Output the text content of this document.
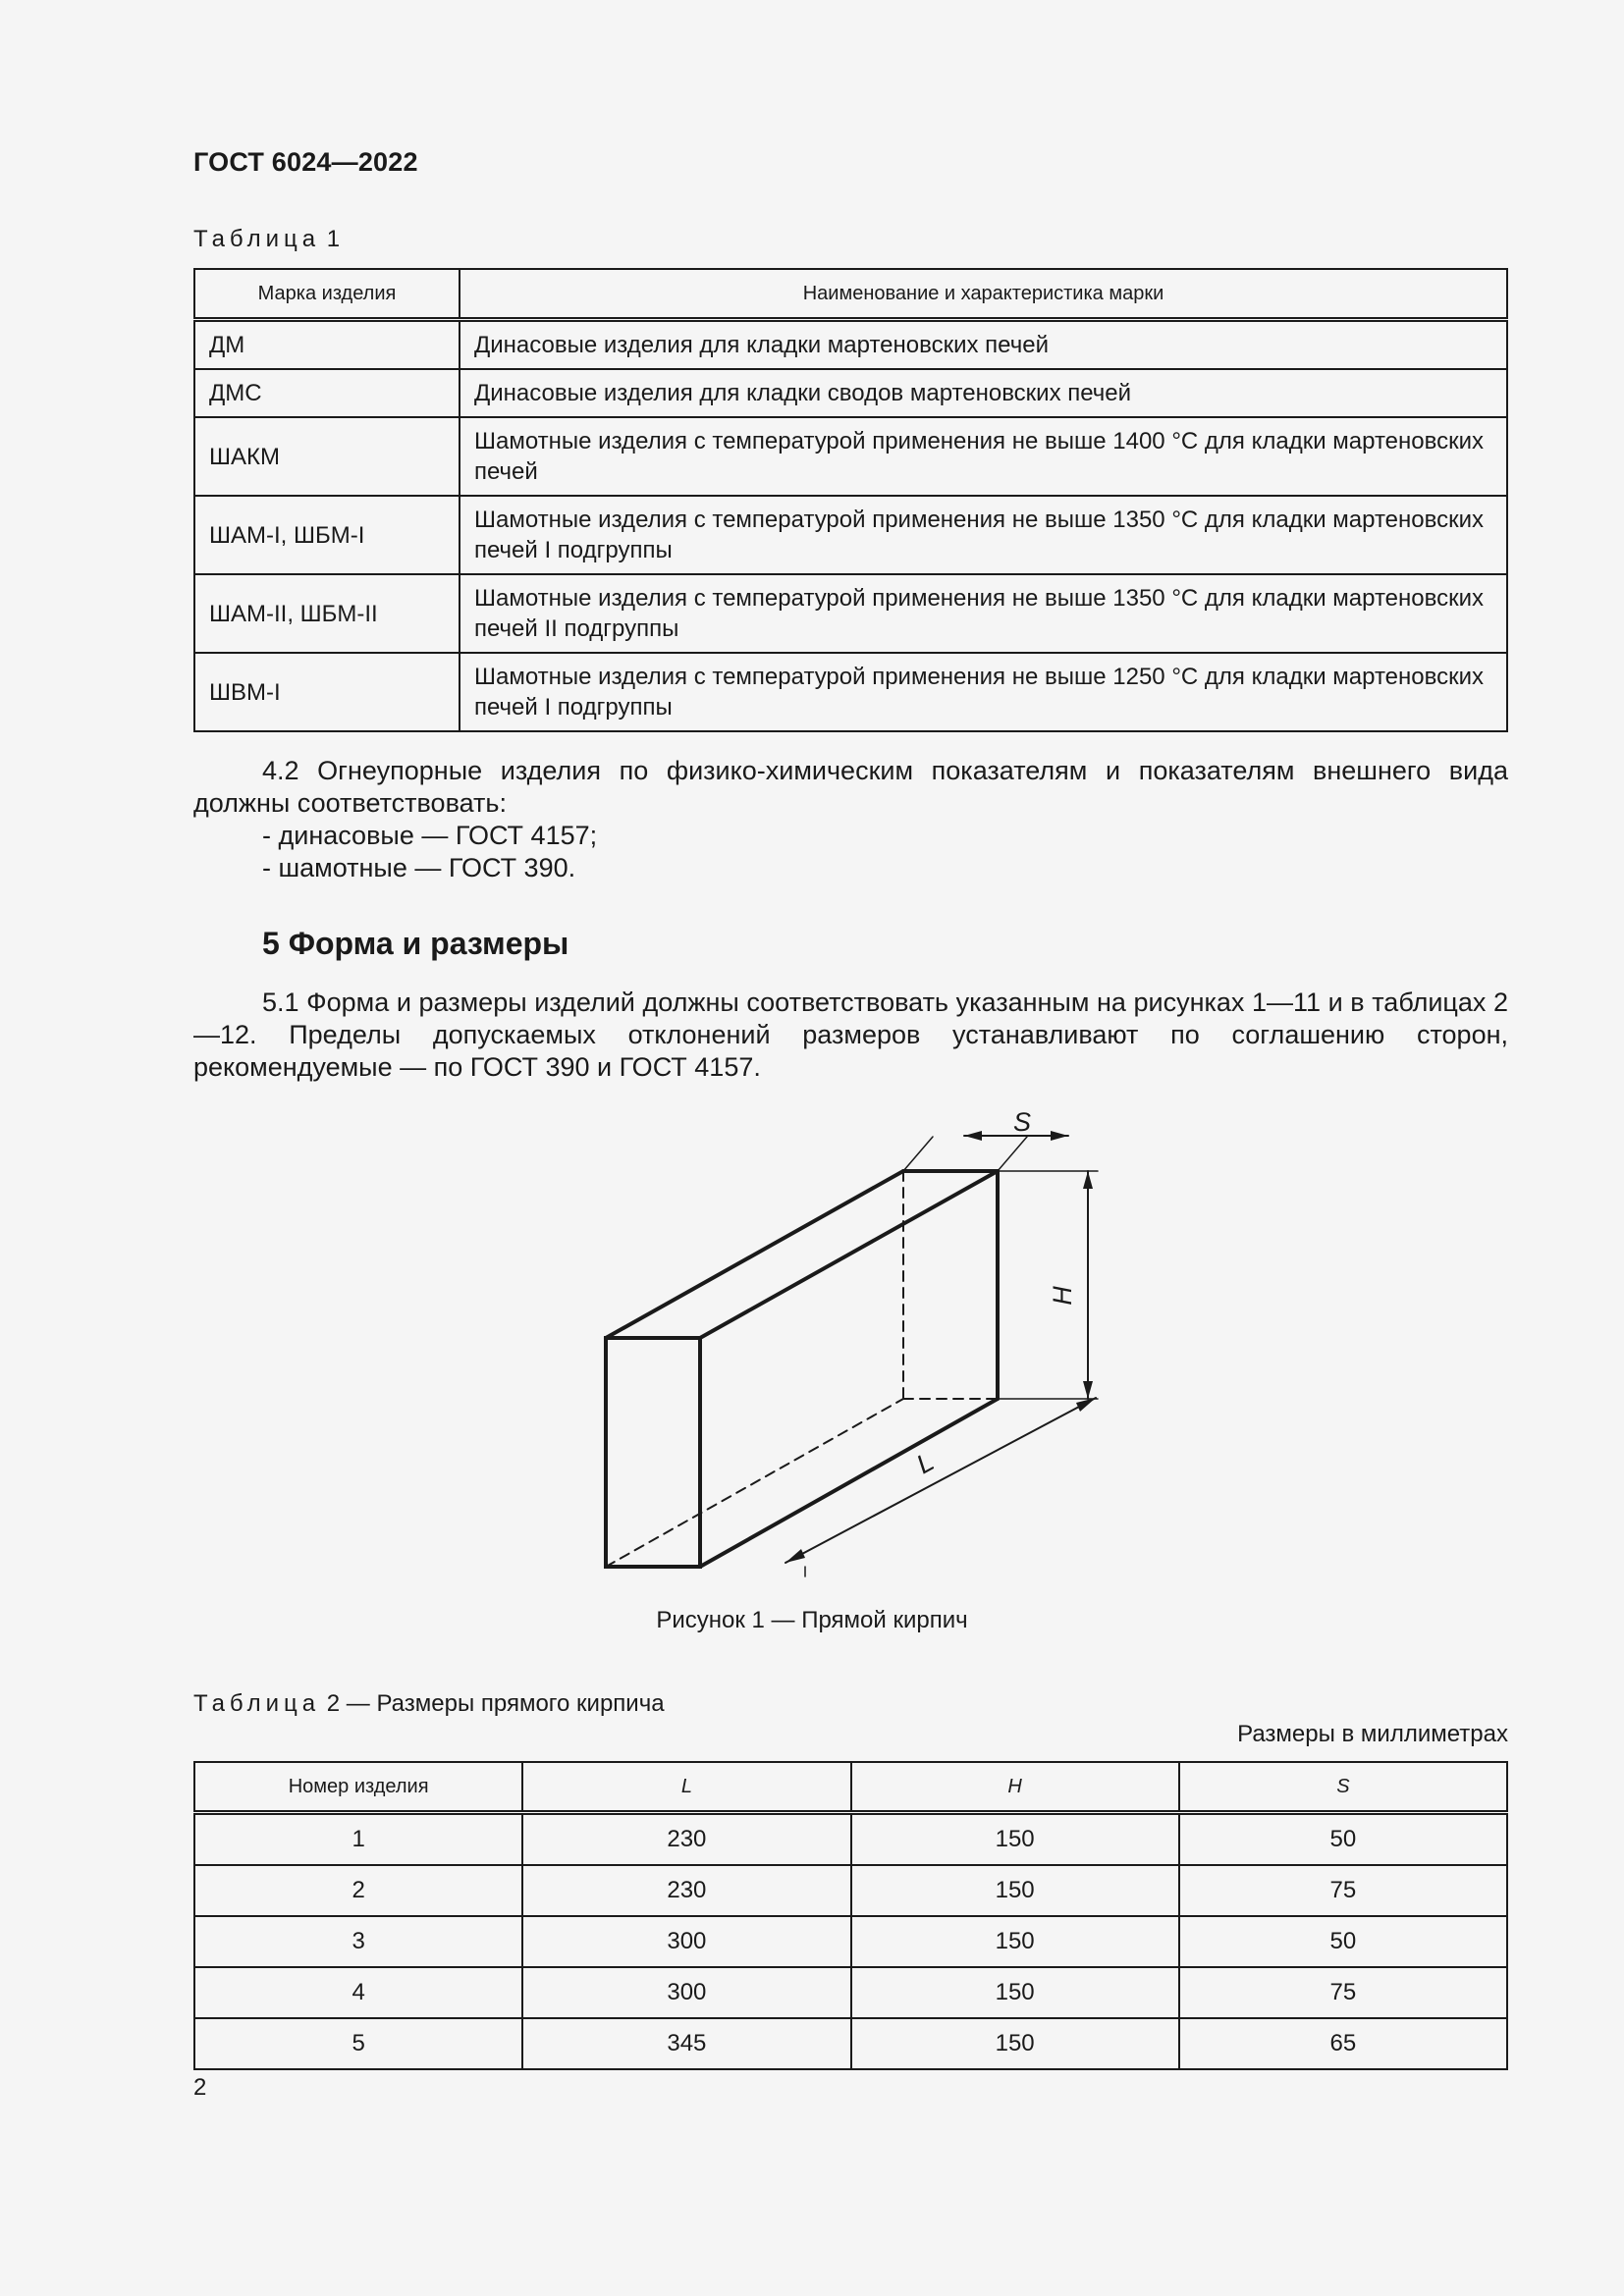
ГОСТ 6024—2022
Таблица 1
Марка изделия	Наименование и характеристика марки
ДМ	Динасовые изделия для кладки мартеновских печей
ДМС	Динасовые изделия для кладки сводов мартеновских печей
ШАКМ	Шамотные изделия с температурой применения не выше 1400 °С для кладки мартеновских печей
ШАМ-I, ШБМ-I	Шамотные изделия с температурой применения не выше 1350 °С для кладки мартеновских печей I подгруппы
ШАМ-II, ШБМ-II	Шамотные изделия с температурой применения не выше 1350 °С для кладки мартеновских печей II подгруппы
ШВМ-I	Шамотные изделия с температурой применения не выше 1250 °С для кладки мартеновских печей I подгруппы
4.2 Огнеупорные изделия по физико-химическим показателям и показателям внешнего вида должны соответствовать:
- динасовые — ГОСТ 4157;
- шамотные — ГОСТ 390.
5 Форма и размеры
5.1 Форма и размеры изделий должны соответствовать указанным на рисунках 1—11 и в таблицах 2—12. Пределы допускаемых отклонений размеров устанавливают по соглашению сторон, рекомендуемые — по ГОСТ 390 и ГОСТ 4157.
S
H
L
Рисунок 1 — Прямой кирпич
Таблица 2 — Размеры прямого кирпича
Размеры в миллиметрах
Номер изделия	L	H	S
1	230	150	50
2	230	150	75
3	300	150	50
4	300	150	75
5	345	150	65
2
